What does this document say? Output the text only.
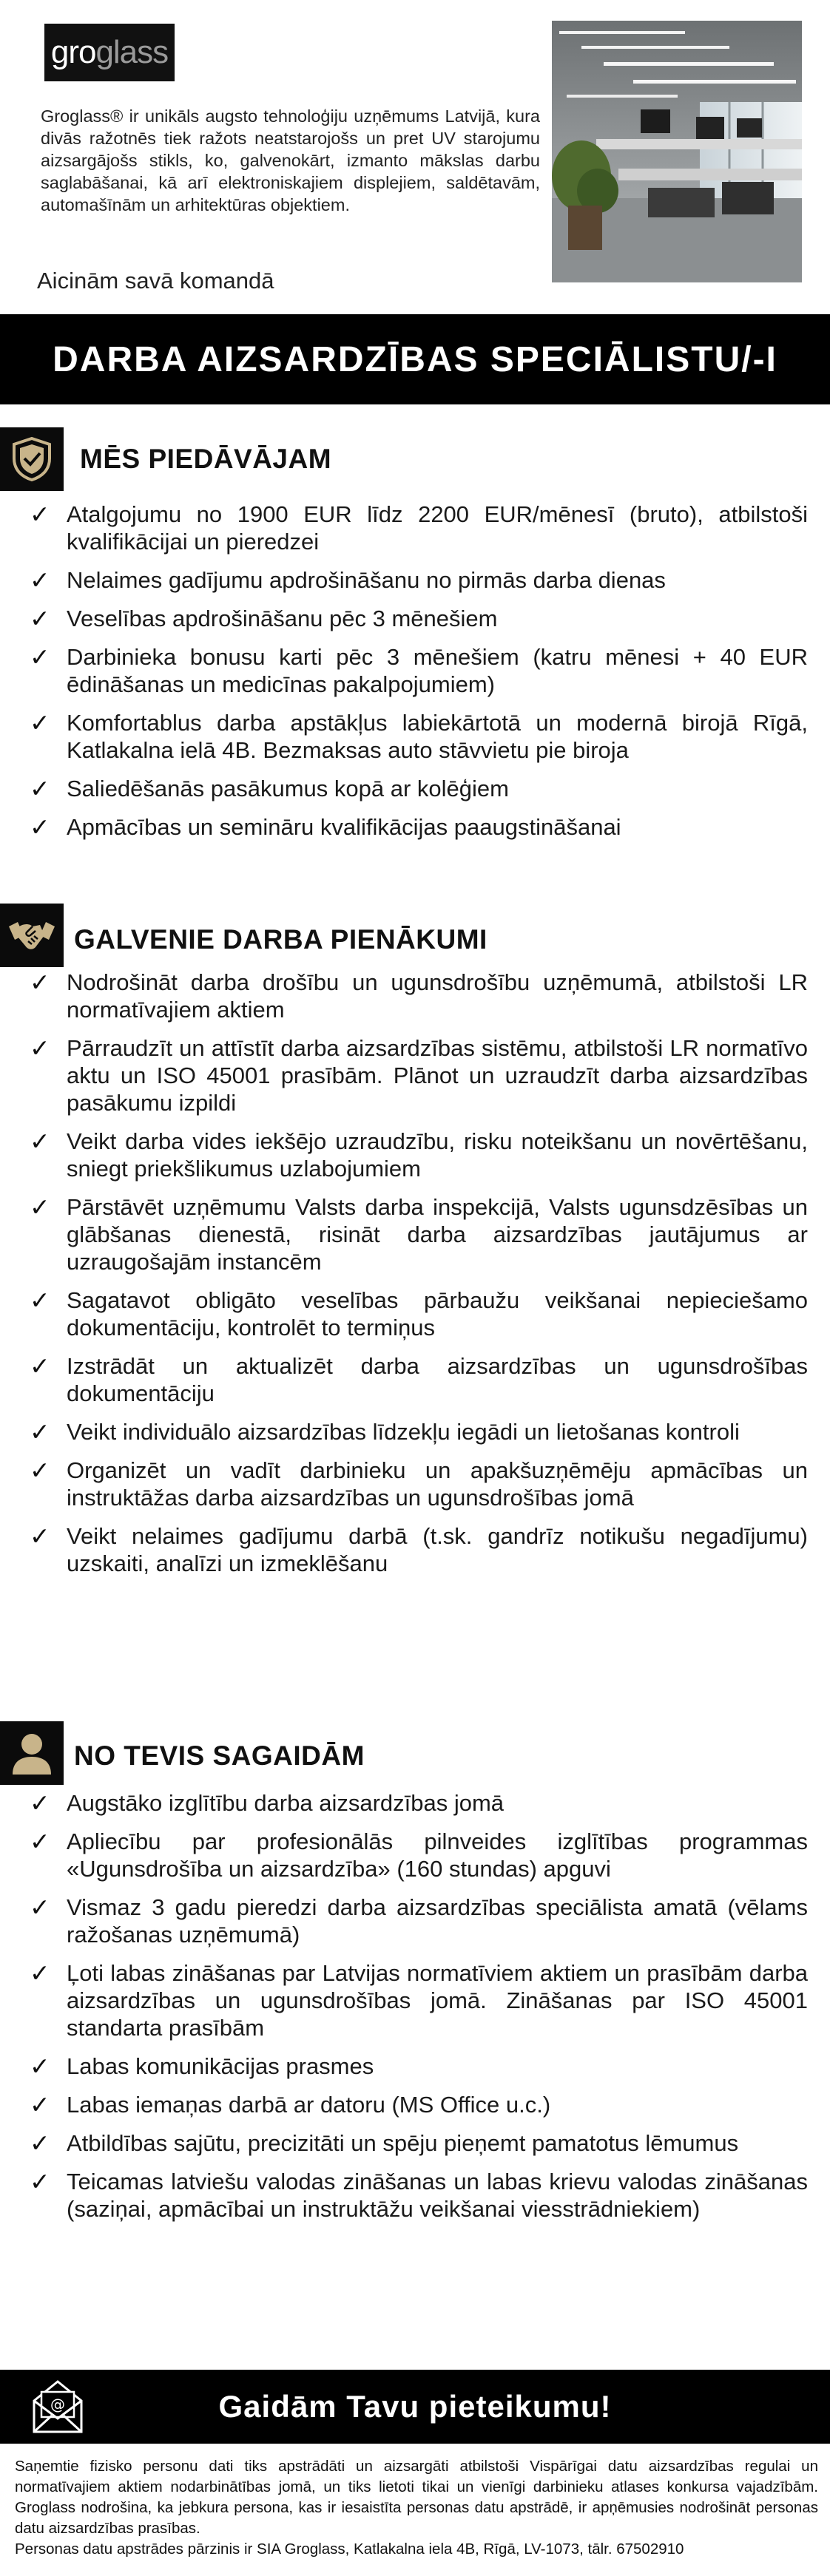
gro glass
Groglass® ir unikāls augsto tehnoloģiju uzņēmums Latvijā, kura divās ražotnēs tiek ražots neatstarojošs un pret UV starojumu aizsargājošs stikls, ko, galvenokārt, izmanto mākslas darbu saglabāšanai, kā arī elektroniskajiem displejiem, saldētavām, automašīnām un arhitektūras objektiem.
Aicinām savā komandā
DARBA AIZSARDZĪBAS SPECIĀLISTU/-I
MĒS PIEDĀVĀJAM
✓ Atalgojumu no 1900 EUR līdz 2200 EUR/mēnesī (bruto), atbilstoši kvalifikācijai un pieredzei
✓ Nelaimes gadījumu apdrošināšanu no pirmās darba dienas
✓ Veselības apdrošināšanu pēc 3 mēnešiem
✓ Darbinieka bonusu karti pēc 3 mēnešiem (katru mēnesi + 40 EUR ēdināšanas un medicīnas pakalpojumiem)
✓ Komfortablus darba apstākļus labiekārtotā un modernā birojā Rīgā, Katlakalna ielā 4B. Bezmaksas auto stāvvietu pie biroja
✓ Saliedēšanās pasākumus kopā ar kolēģiem
✓ Apmācības un semināru kvalifikācijas paaugstināšanai
GALVENIE DARBA PIENĀKUMI
✓ Nodrošināt darba drošību un ugunsdrošību uzņēmumā, atbilstoši LR normatīvajiem aktiem
✓ Pārraudzīt un attīstīt darba aizsardzības sistēmu, atbilstoši LR normatīvo aktu un ISO 45001 prasībām. Plānot un uzraudzīt darba aizsardzības pasākumu izpildi
✓ Veikt darba vides iekšējo uzraudzību, risku noteikšanu un novērtēšanu, sniegt priekšlikumus uzlabojumiem
✓ Pārstāvēt uzņēmumu Valsts darba inspekcijā, Valsts ugunsdzēsības un glābšanas dienestā, risināt darba aizsardzības jautājumus ar uzraugošajām instancēm
✓ Sagatavot obligāto veselības pārbaužu veikšanai nepieciešamo dokumentāciju, kontrolēt to termiņus
✓ Izstrādāt un aktualizēt darba aizsardzības un ugunsdrošības dokumentāciju
✓ Veikt individuālo aizsardzības līdzekļu iegādi un lietošanas kontroli
✓ Organizēt un vadīt darbinieku un apakšuzņēmēju apmācības un instruktāžas darba aizsardzības un ugunsdrošības jomā
✓ Veikt nelaimes gadījumu darbā (t.sk. gandrīz notikušu negadījumu) uzskaiti, analīzi un izmeklēšanu
NO TEVIS SAGAIDĀM
✓ Augstāko izglītību darba aizsardzības jomā
✓ Apliecību par profesionālās pilnveides izglītības programmas «Ugunsdrošība un aizsardzība» (160 stundas) apguvi
✓ Vismaz 3 gadu pieredzi darba aizsardzības speciālista amatā (vēlams ražošanas uzņēmumā)
✓ Ļoti labas zināšanas par Latvijas normatīviem aktiem un prasībām darba aizsardzības un ugunsdrošības jomā. Zināšanas par ISO 45001 standarta prasībām
✓ Labas komunikācijas prasmes
✓ Labas iemaņas darbā ar datoru (MS Office u.c.)
✓ Atbildības sajūtu, precizitāti un spēju pieņemt pamatotus lēmumus
✓ Teicamas latviešu valodas zināšanas un labas krievu valodas zināšanas (saziņai, apmācībai un instruktāžu veikšanai viesstrādniekiem)
Gaidām Tavu pieteikumu!
@
Saņemtie fizisko personu dati tiks apstrādāti un aizsargāti atbilstoši Vispārīgai datu aizsardzības regulai un normatīvajiem aktiem nodarbinātības jomā, un tiks lietoti tikai un vienīgi darbinieku atlases konkursa vajadzībām. Groglass nodrošina, ka jebkura persona, kas ir iesaistīta personas datu apstrādē, ir apņēmusies nodrošināt personas datu aizsardzības prasības.
Personas datu apstrādes pārzinis ir SIA Groglass, Katlakalna iela 4B, Rīgā, LV-1073, tālr. 67502910
